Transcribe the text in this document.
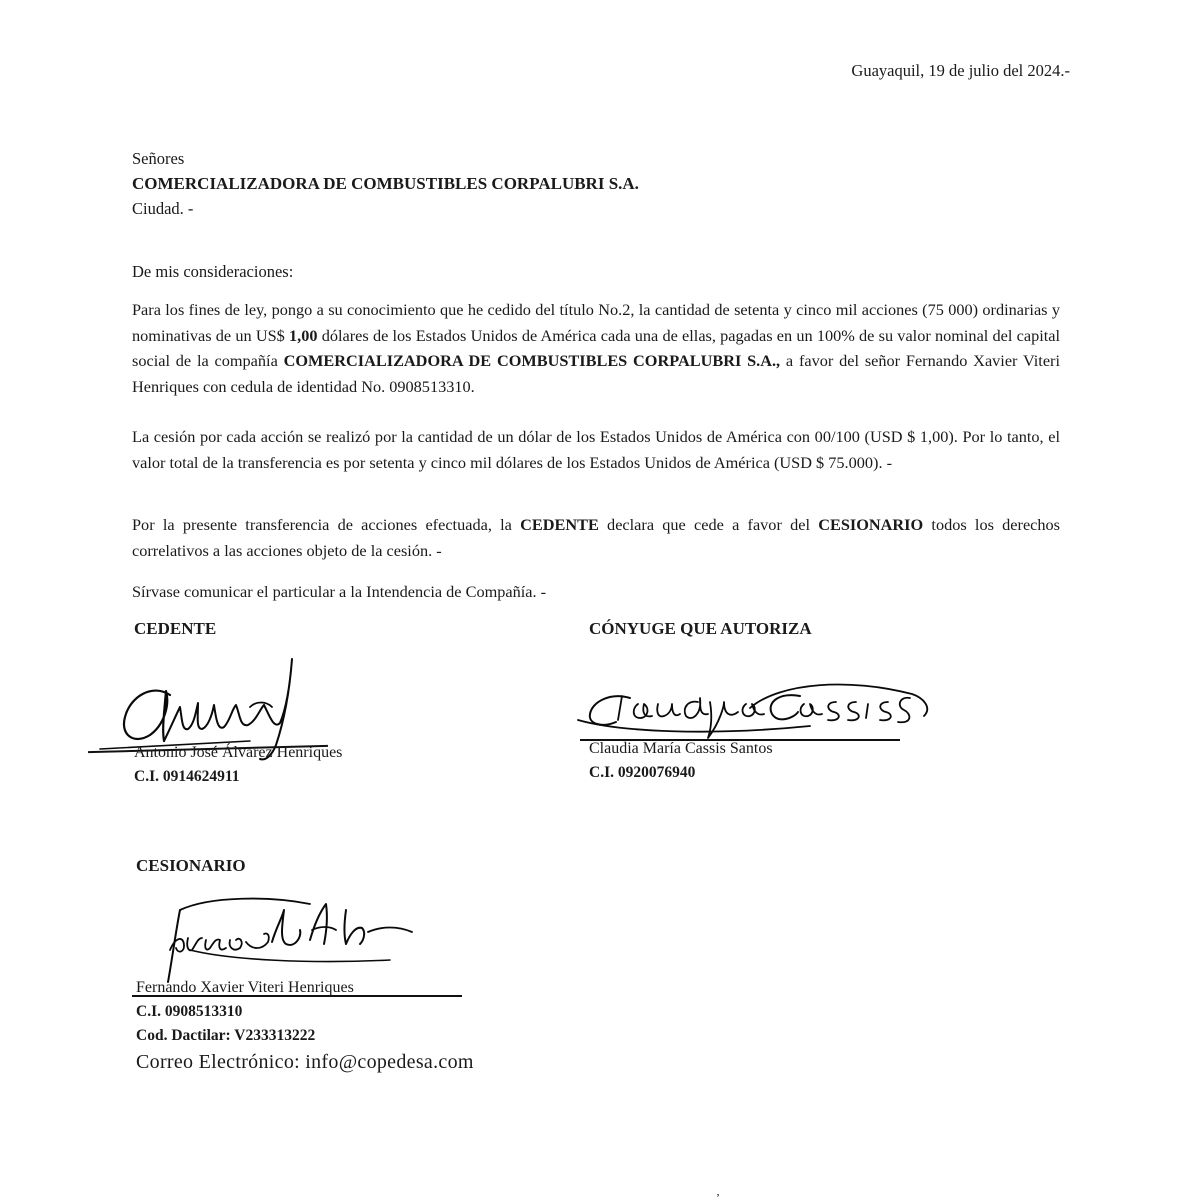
Guayaquil, 19 de julio del 2024.-
Señores
COMERCIALIZADORA DE COMBUSTIBLES CORPALUBRI S.A.
Ciudad. -
De mis consideraciones:
Para los fines de ley, pongo a su conocimiento que he cedido del título No.2, la cantidad de setenta y cinco mil acciones (75 000) ordinarias y nominativas de un US$ 1,00 dólares de los Estados Unidos de América cada una de ellas, pagadas en un 100% de su valor nominal del capital social de la compañía COMERCIALIZADORA DE COMBUSTIBLES CORPALUBRI S.A., a favor del señor Fernando Xavier Viteri Henriques con cedula de identidad No. 0908513310.
La cesión por cada acción se realizó por la cantidad de un dólar de los Estados Unidos de América con 00/100 (USD $ 1,00). Por lo tanto, el valor total de la transferencia es por setenta y cinco mil dólares de los Estados Unidos de América (USD $ 75.000). -
Por la presente transferencia de acciones efectuada, la CEDENTE declara que cede a favor del CESIONARIO todos los derechos correlativos a las acciones objeto de la cesión. -
Sírvase comunicar el particular a la Intendencia de Compañía. -
CEDENTE
Antonio José Álvarez Henriques
C.I. 0914624911
CÓNYUGE QUE AUTORIZA
Claudia María Cassis Santos
C.I. 0920076940
CESIONARIO
Fernando Xavier Viteri Henriques
C.I. 0908513310
Cod. Dactilar: V233313222
Correo Electrónico: info@copedesa.com
‚
